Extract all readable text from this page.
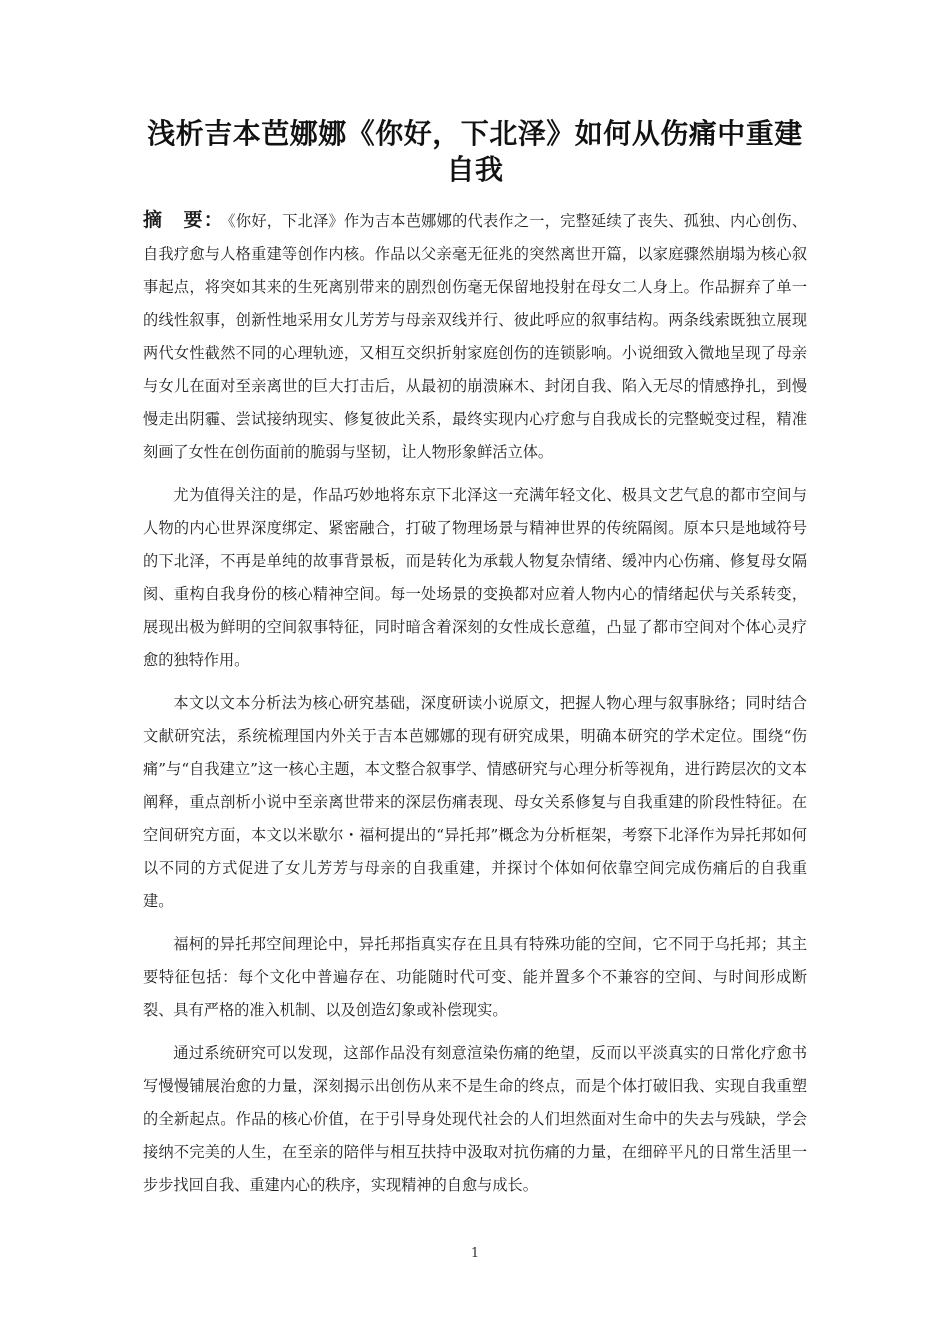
浅析吉本芭娜娜《你好，下北泽》如何从伤痛中重建自我

摘　要： 《你好，下北泽》作为吉本芭娜娜的代表作之一，完整延续了丧失、孤独、内心创伤、自我疗愈与人格重建等创作内核。作品以父亲毫无征兆的突然离世开篇，以家庭骤然崩塌为核心叙事起点，将突如其来的生死离别带来的剧烈创伤毫无保留地投射在母女二人身上。作品摒弃了单一的线性叙事，创新性地采用女儿芳芳与母亲双线并行、彼此呼应的叙事结构。两条线索既独立展现两代女性截然不同的心理轨迹，又相互交织折射家庭创伤的连锁影响。小说细致入微地呈现了母亲与女儿在面对至亲离世的巨大打击后，从最初的崩溃麻木、封闭自我、陷入无尽的情感挣扎，到慢慢走出阴霾、尝试接纳现实、修复彼此关系，最终实现内心疗愈与自我成长的完整蜕变过程，精准刻画了女性在创伤面前的脆弱与坚韧，让人物形象鲜活立体。

尤为值得关注的是，作品巧妙地将东京下北泽这一充满年轻文化、极具文艺气息的都市空间与人物的内心世界深度绑定、紧密融合，打破了物理场景与精神世界的传统隔阂。原本只是地域符号的下北泽，不再是单纯的故事背景板，而是转化为承载人物复杂情绪、缓冲内心伤痛、修复母女隔阂、重构自我身份的核心精神空间。每一处场景的变换都对应着人物内心的情绪起伏与关系转变，展现出极为鲜明的空间叙事特征，同时暗含着深刻的女性成长意蕴，凸显了都市空间对个体心灵疗愈的独特作用。

本文以文本分析法为核心研究基础，深度研读小说原文，把握人物心理与叙事脉络；同时结合文献研究法，系统梳理国内外关于吉本芭娜娜的现有研究成果，明确本研究的学术定位。围绕“伤痛”与“自我建立”这一核心主题，本文整合叙事学、情感研究与心理分析等视角，进行跨层次的文本阐释，重点剖析小说中至亲离世带来的深层伤痛表现、母女关系修复与自我重建的阶段性特征。在空间研究方面，本文以米歇尔・福柯提出的“异托邦”概念为分析框架，考察下北泽作为异托邦如何以不同的方式促进了女儿芳芳与母亲的自我重建，并探讨个体如何依靠空间完成伤痛后的自我重建。

福柯的异托邦空间理论中，异托邦指真实存在且具有特殊功能的空间，它不同于乌托邦；其主要特征包括：每个文化中普遍存在、功能随时代可变、能并置多个不兼容的空间、与时间形成断裂、具有严格的准入机制、以及创造幻象或补偿现实。

通过系统研究可以发现，这部作品没有刻意渲染伤痛的绝望，反而以平淡真实的日常化疗愈书写慢慢铺展治愈的力量，深刻揭示出创伤从来不是生命的终点，而是个体打破旧我、实现自我重塑的全新起点。作品的核心价值，在于引导身处现代社会的人们坦然面对生命中的失去与残缺，学会接纳不完美的人生，在至亲的陪伴与相互扶持中汲取对抗伤痛的力量，在细碎平凡的日常生活里一步步找回自我、重建内心的秩序，实现精神的自愈与成长。

1
